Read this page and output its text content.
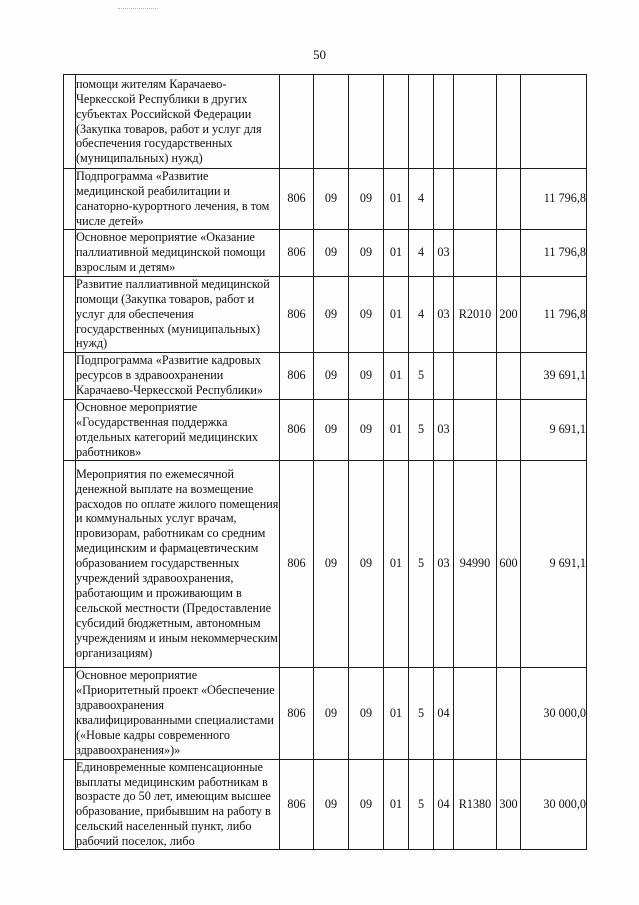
50
	помощи жителям Карачаево-Черкесской Республики в других субъектах Российской Федерации (Закупка товаров, работ и услуг для обеспечения государственных (муниципальных) нужд)									
	Подпрограмма «Развитие медицинской реабилитации и санаторно-курортного лечения, в том числе детей»	806	09	09	01	4				11 796,8
	Основное мероприятие «Оказание паллиативной медицинской помощи взрослым и детям»	806	09	09	01	4	03			11 796,8
	Развитие паллиативной медицинской помощи (Закупка товаров, работ и услуг для обеспечения государственных (муниципальных) нужд)	806	09	09	01	4	03	R2010	200	11 796,8
	Подпрограмма «Развитие кадровых ресурсов в здравоохранении Карачаево-Черкесской Республики»	806	09	09	01	5				39 691,1
	Основное мероприятие «Государственная поддержка отдельных категорий медицинских работников»	806	09	09	01	5	03			9 691,1
	Мероприятия по ежемесячной денежной выплате на возмещение расходов по оплате жилого помещения и коммунальных услуг врачам, провизорам, работникам со средним медицинским и фармацевтическим образованием государственных учреждений здравоохранения, работающим и проживающим в сельской местности (Предоставление субсидий бюджетным, автономным учреждениям и иным некоммерческим организациям)	806	09	09	01	5	03	94990	600	9 691,1
	Основное мероприятие «Приоритетный проект «Обеспечение здравоохранения квалифицированными специалистами («Новые кадры современного здравоохранения»)»	806	09	09	01	5	04			30 000,0
	Единовременные компенсационные выплаты медицинским работникам в возрасте до 50 лет, имеющим высшее образование, прибывшим на работу в сельский населенный пункт, либо рабочий поселок, либо	806	09	09	01	5	04	R1380	300	30 000,0
